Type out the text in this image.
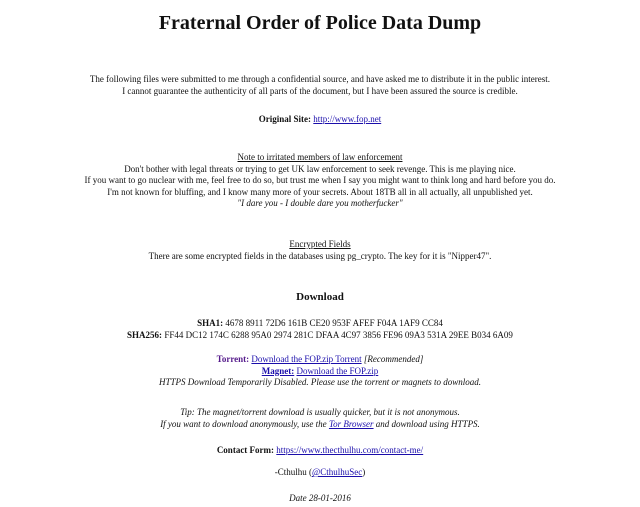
Fraternal Order of Police Data Dump
The following files were submitted to me through a confidential source, and have asked me to distribute it in the public interest.
I cannot guarantee the authenticity of all parts of the document, but I have been assured the source is credible.
Original Site: http://www.fop.net
Note to irritated members of law enforcement
Don't bother with legal threats or trying to get UK law enforcement to seek revenge. This is me playing nice.
If you want to go nuclear with me, feel free to do so, but trust me when I say you might want to think long and hard before you do.
I'm not known for bluffing, and I know many more of your secrets. About 18TB all in all actually, all unpublished yet.
"I dare you - I double dare you motherfucker"
Encrypted Fields
There are some encrypted fields in the databases using pg_crypto. The key for it is "Nipper47".
Download
SHA1: 4678 8911 72D6 161B CE20 953F AFEF F04A 1AF9 CC84
SHA256: FF44 DC12 174C 6288 95A0 2974 281C DFAA 4C97 3856 FE96 09A3 531A 29EE B034 6A09
Torrent: Download the FOP.zip Torrent [Recommended]
Magnet: Download the FOP.zip
HTTPS Download Temporarily Disabled. Please use the torrent or magnets to download.
Tip: The magnet/torrent download is usually quicker, but it is not anonymous.
If you want to download anonymously, use the Tor Browser and download using HTTPS.
Contact Form: https://www.thecthulhu.com/contact-me/
-Cthulhu (@CthulhuSec)
Date 28-01-2016
